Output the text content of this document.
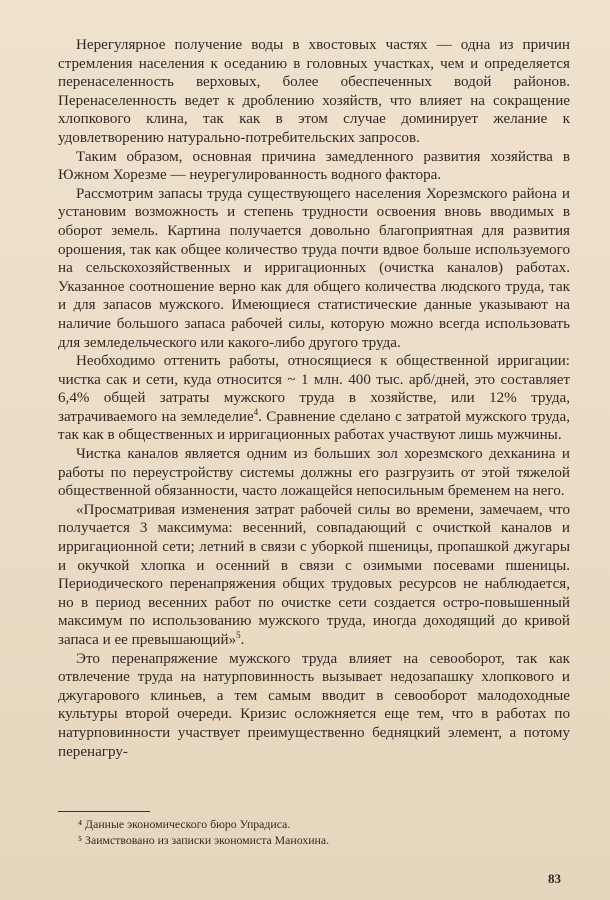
Нерегулярное получение воды в хвостовых частях — одна из причин стремления населения к оседанию в головных участках, чем и определяется перенаселенность верховых, более обеспеченных водой районов. Перенаселенность ведет к дроблению хозяйств, что влияет на сокращение хлопкового клина, так как в этом случае доминирует желание к удовлетворению натурально-потребительских запросов.

Таким образом, основная причина замедленного развития хозяйства в Южном Хорезме — неурегулированность водного фактора.

Рассмотрим запасы труда существующего населения Хорезмского района и установим возможность и степень трудности освоения вновь вводимых в оборот земель. Картина получается довольно благоприятная для развития орошения, так как общее количество труда почти вдвое больше используемого на сельскохозяйственных и ирригационных (очистка каналов) работах. Указанное соотношение верно как для общего количества людского труда, так и для запасов мужского. Имеющиеся статистические данные указывают на наличие большого запаса рабочей силы, которую можно всегда использовать для земледельческого или какого-либо другого труда.

Необходимо оттенить работы, относящиеся к общественной ирригации: чистка сак и сети, куда относится ~ 1 млн. 400 тыс. арб/дней, это составляет 6,4% общей затраты мужского труда в хозяйстве, или 12% труда, затрачиваемого на земледелие$^4$. Сравнение сделано с затратой мужского труда, так как в общественных и ирригационных работах участвуют лишь мужчины.

Чистка каналов является одним из больших зол хорезмского дехканина и работы по переустройству системы должны его разгрузить от этой тяжелой общественной обязанности, часто ложащейся непосильным бременем на него.

«Просматривая изменения затрат рабочей силы во времени, замечаем, что получается 3 максимума: весенний, совпадающий с очисткой каналов и ирригационной сети; летний в связи с уборкой пшеницы, пропашкой джугары и окучкой хлопка и осенний в связи с озимыми посевами пшеницы. Периодического перенапряжения общих трудовых ресурсов не наблюдается, но в период весенних работ по очистке сети создается остро-повышенный максимум по использованию мужского труда, иногда доходящий до кривой запаса и ее превышающий»$^5$.

Это перенапряжение мужского труда влияет на севооборот, так как отвлечение труда на натурповинность вызывает недозапашку хлопкового и джугарового клиньев, а тем самым вводит в севооборот малодоходные культуры второй очереди. Кризис осложняется еще тем, что в работах по натурповинности участвует преимущественно бедняцкий элемент, а потому перенагру-

⁴ Данные экономического бюро Упрадиса.

⁵ Заимствовано из записки экономиста Манохина.

83
